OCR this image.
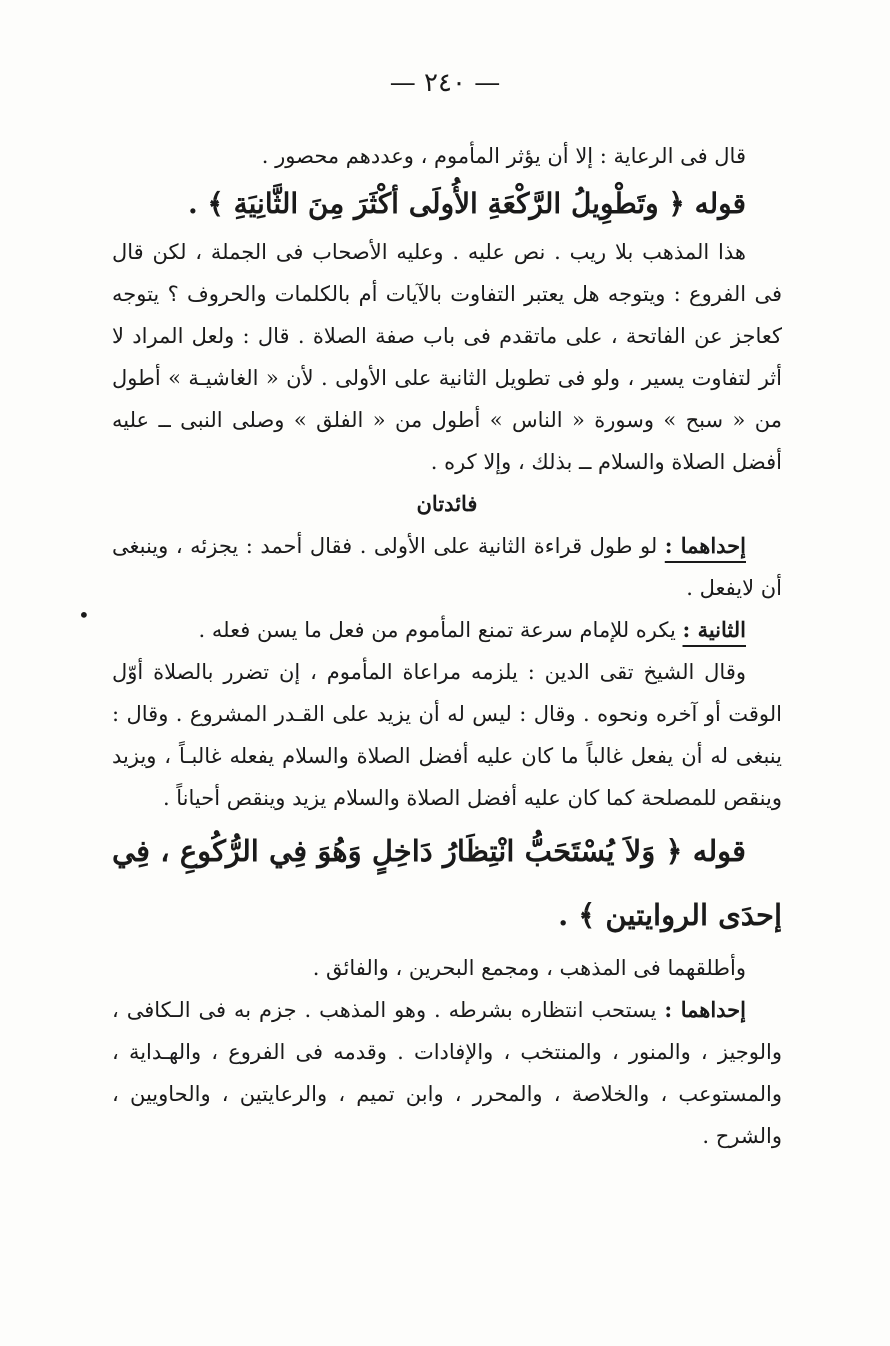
— ٢٤٠ —
•

قال فى الرعاية : إلا أن يؤثر المأموم ، وعددهم محصور .

قوله ﴿ وتَطْوِيلُ الرَّكْعَةِ الأُولَى أكْثَرَ مِنَ الثَّانِيَةِ ﴾ .

هذا المذهب بلا ريب . نص عليه . وعليه الأصحاب فى الجملة ، لكن قال فى الفروع : ويتوجه هل يعتبر التفاوت بالآيات أم بالكلمات والحروف ؟ يتوجه كعاجز عن الفاتحة ، على ماتقدم فى باب صفة الصلاة . قال : ولعل المراد لا أثر لتفاوت يسير ، ولو فى تطويل الثانية على الأولى . لأن « الغاشيـة » أطول من « سبح » وسورة « الناس » أطول من « الفلق » وصلى النبى ــ عليه أفضل الصلاة والسلام ــ بذلك ، وإلا كره .

فائدتان

إحداهما : لو طول قراءة الثانية على الأولى . فقال أحمد : يجزئه ، وينبغى أن لايفعل .

الثانية : يكره للإمام سرعة تمنع المأموم من فعل ما يسن فعله .

وقال الشيخ تقى الدين : يلزمه مراعاة المأموم ، إن تضرر بالصلاة أوّل الوقت أو آخره ونحوه . وقال : ليس له أن يزيد على القـدر المشروع . وقال : ينبغى له أن يفعل غالباً ما كان عليه أفضل الصلاة والسلام يفعله غالبـاً ، ويزيد وينقص للمصلحة كما كان عليه أفضل الصلاة والسلام يزيد وينقص أحياناً .

قوله ﴿ وَلاَ يُسْتَحَبُّ انْتِظَارُ دَاخِلٍ وَهُوَ فِي الرُّكُوعِ ، فِي إحدَى الروايتين ﴾ .

وأطلقهما فى المذهب ، ومجمع البحرين ، والفائق .

إحداهما : يستحب انتظاره بشرطه . وهو المذهب . جزم به فى الـكافى ، والوجيز ، والمنور ، والمنتخب ، والإفادات . وقدمه فى الفروع ، والهـداية ، والمستوعب ، والخلاصة ، والمحرر ، وابن تميم ، والرعايتين ، والحاويين ، والشرح .
